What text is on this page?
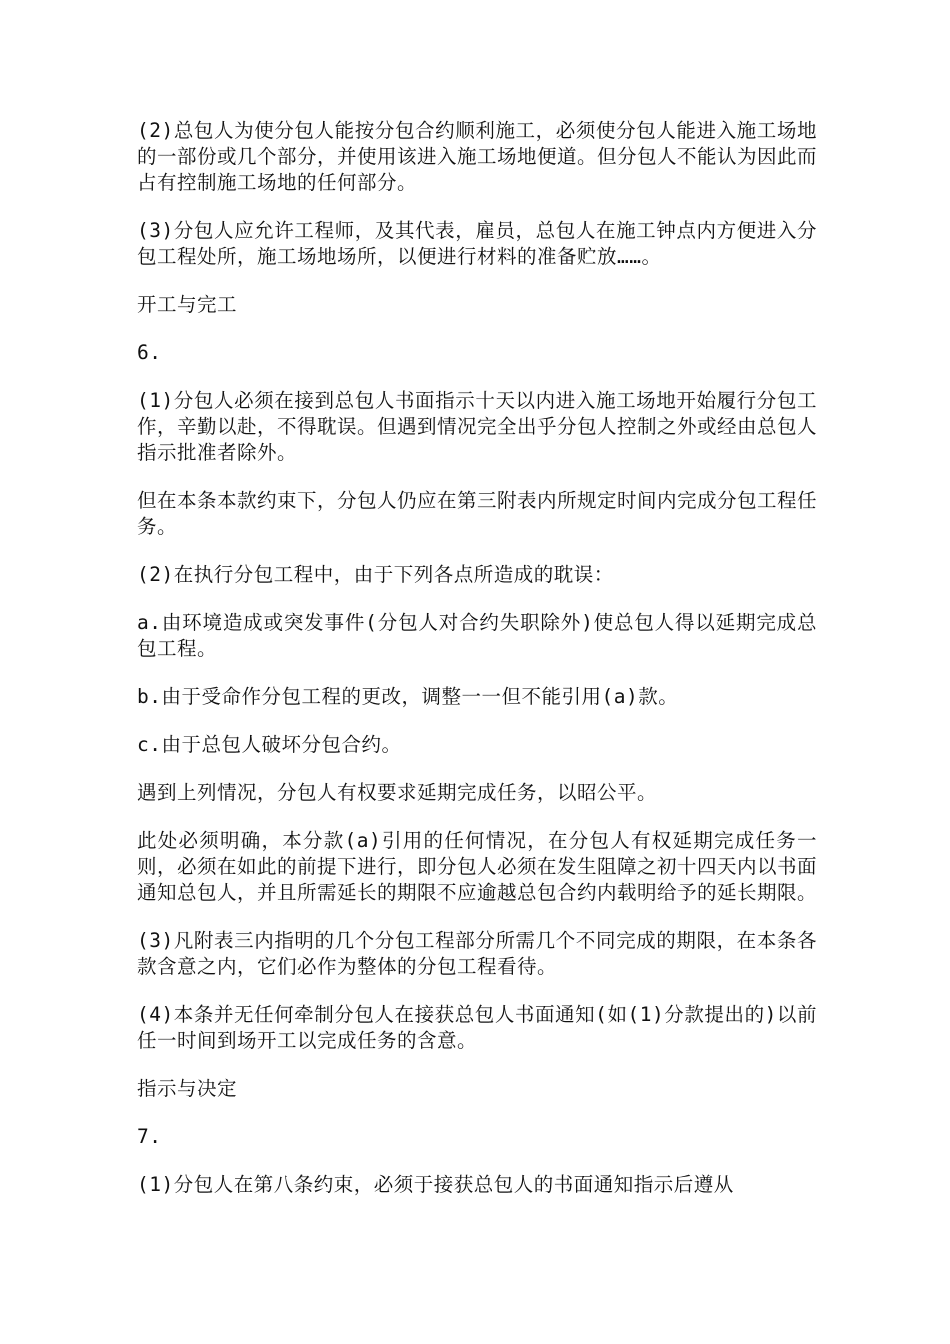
(2)总包人为使分包人能按分包合约顺利施工，必须使分包人能进入施工场地的一部份或几个部分，并使用该进入施工场地便道。但分包人不能认为因此而占有控制施工场地的任何部分。

(3)分包人应允许工程师，及其代表，雇员，总包人在施工钟点内方便进入分包工程处所，施工场地场所，以便进行材料的准备贮放……。

开工与完工

6.

(1)分包人必须在接到总包人书面指示十天以内进入施工场地开始履行分包工作，辛勤以赴，不得耽误。但遇到情况完全出乎分包人控制之外或经由总包人指示批准者除外。

但在本条本款约束下，分包人仍应在第三附表内所规定时间内完成分包工程任务。

(2)在执行分包工程中，由于下列各点所造成的耽误：

a.由环境造成或突发事件(分包人对合约失职除外)使总包人得以延期完成总包工程。

b.由于受命作分包工程的更改，调整一一但不能引用(a)款。

c.由于总包人破坏分包合约。

遇到上列情况，分包人有权要求延期完成任务，以昭公平。

此处必须明确，本分款(a)引用的任何情况，在分包人有权延期完成任务一则，必须在如此的前提下进行，即分包人必须在发生阻障之初十四天内以书面通知总包人，并且所需延长的期限不应逾越总包合约内载明给予的延长期限。

(3)凡附表三内指明的几个分包工程部分所需几个不同完成的期限，在本条各款含意之内，它们必作为整体的分包工程看待。

(4)本条并无任何牵制分包人在接获总包人书面通知(如(1)分款提出的)以前任一时间到场开工以完成任务的含意。

指示与决定

7.

(1)分包人在第八条约束，必须于接获总包人的书面通知指示后遵从
